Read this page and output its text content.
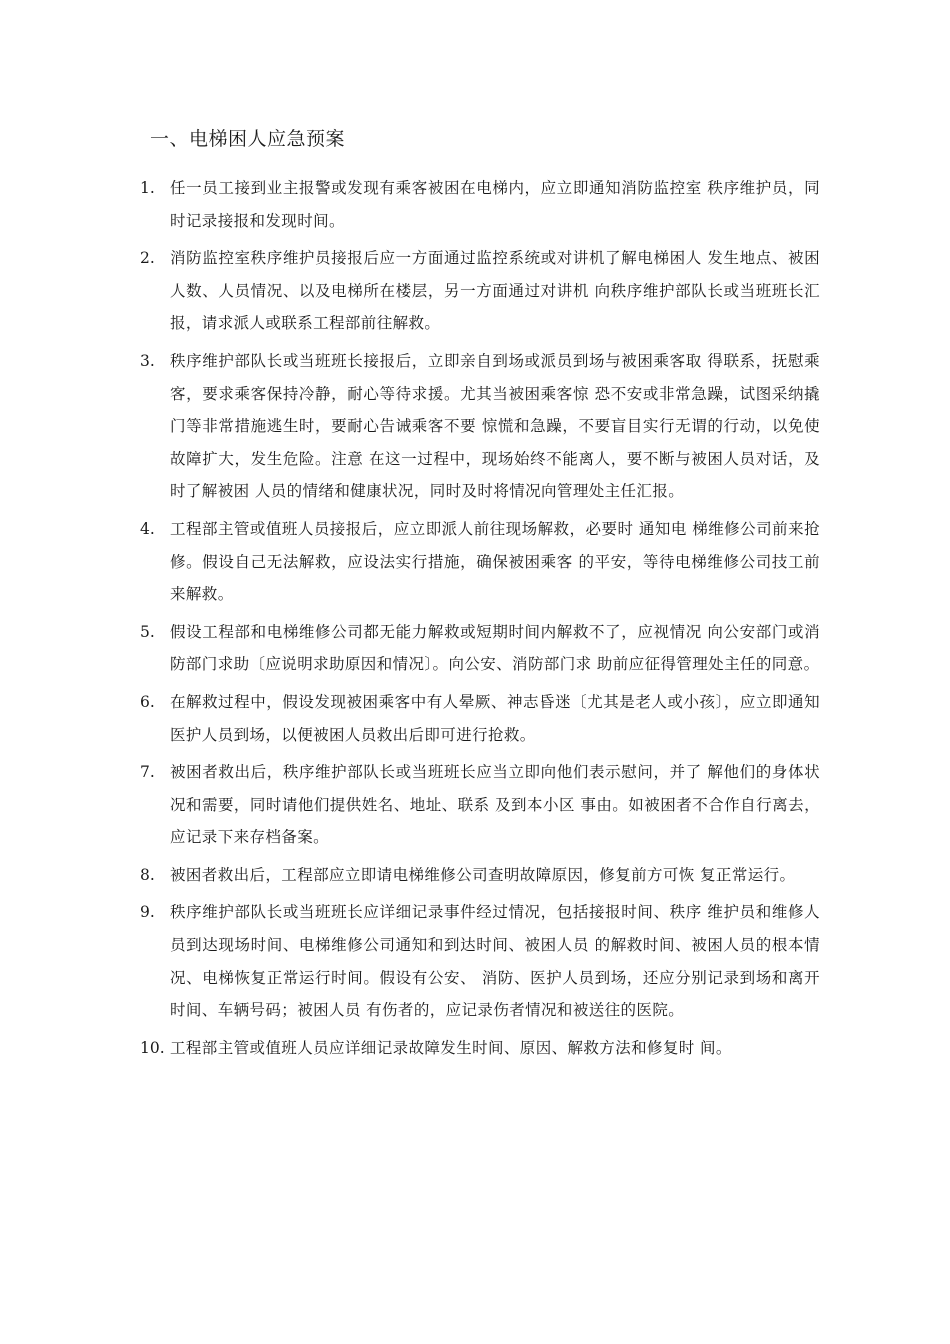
一、电梯困人应急预案
1. 任一员工接到业主报警或发现有乘客被困在电梯内，应立即通知消防监控室 秩序维护员，同时记录接报和发现时间。
2. 消防监控室秩序维护员接报后应一方面通过监控系统或对讲机了解电梯困人 发生地点、被困人数、人员情况、以及电梯所在楼层，另一方面通过对讲机 向秩序维护部队长或当班班长汇报，请求派人或联系工程部前往解救。
3. 秩序维护部队长或当班班长接报后，立即亲自到场或派员到场与被困乘客取 得联系，抚慰乘客，要求乘客保持冷静，耐心等待求援。尤其当被困乘客惊 恐不安或非常急躁，试图采纳撬门等非常措施逃生时，要耐心告诫乘客不要 惊慌和急躁，不要盲目实行无谓的行动，以免使故障扩大，发生危险。注意 在这一过程中，现场始终不能离人，要不断与被困人员对话，及时了解被困 人员的情绪和健康状况，同时及时将情况向管理处主任汇报。
4. 工程部主管或值班人员接报后，应立即派人前往现场解救，必要时 通知电 梯维修公司前来抢修。假设自己无法解救，应设法实行措施，确保被困乘客 的平安，等待电梯维修公司技工前来解救。
5. 假设工程部和电梯维修公司都无能力解救或短期时间内解救不了，应视情况 向公安部门或消防部门求助〔应说明求助原因和情况〕。向公安、消防部门求 助前应征得管理处主任的同意。
6. 在解救过程中，假设发现被困乘客中有人晕厥、神志昏迷〔尤其是老人或小孩〕，应立即通知医护人员到场，以便被困人员救出后即可进行抢救。
7. 被困者救出后，秩序维护部队长或当班班长应当立即向他们表示慰问，并了 解他们的身体状况和需要，同时请他们提供姓名、地址、联系 及到本小区 事由。如被困者不合作自行离去，应记录下来存档备案。
8. 被困者救出后，工程部应立即请电梯维修公司查明故障原因，修复前方可恢 复正常运行。
9. 秩序维护部队长或当班班长应详细记录事件经过情况，包括接报时间、秩序 维护员和维修人员到达现场时间、电梯维修公司通知和到达时间、被困人员 的解救时间、被困人员的根本情况、电梯恢复正常运行时间。假设有公安、 消防、医护人员到场，还应分别记录到场和离开时间、车辆号码；被困人员 有伤者的，应记录伤者情况和被送往的医院。
10. 工程部主管或值班人员应详细记录故障发生时间、原因、解救方法和修复时 间。
